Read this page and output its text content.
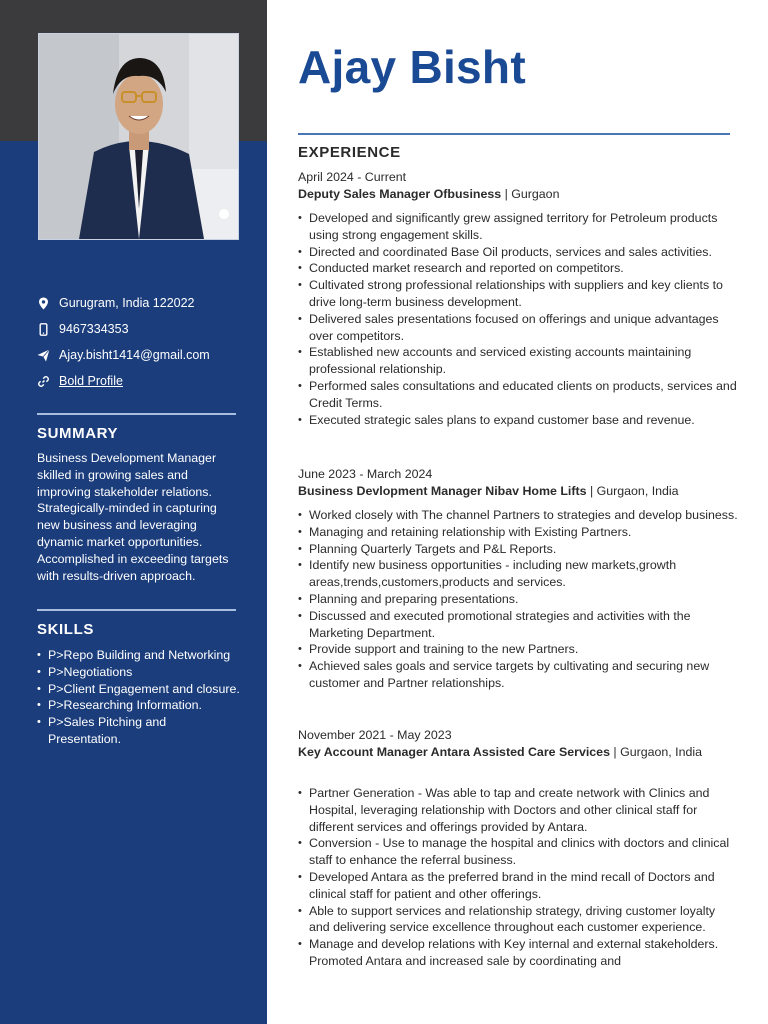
Gurugram, India 122022
9467334353
Ajay.bisht1414@gmail.com
Bold Profile
SUMMARY
Business Development Manager skilled in growing sales and improving stakeholder relations. Strategically-minded in capturing new business and leveraging dynamic market opportunities. Accomplished in exceeding targets with results-driven approach.
SKILLS
• P>Repo Building and Networking
• P>Negotiations
• P>Client Engagement and closure.
• P>Researching Information.
• P>Sales Pitching and Presentation.
Ajay Bisht
EXPERIENCE
April 2024 - Current
Deputy Sales Manager Ofbusiness | Gurgaon
• Developed and significantly grew assigned territory for Petroleum products using strong engagement skills.
• Directed and coordinated Base Oil products, services and sales activities.
• Conducted market research and reported on competitors.
• Cultivated strong professional relationships with suppliers and key clients to drive long-term business development.
• Delivered sales presentations focused on offerings and unique advantages over competitors.
• Established new accounts and serviced existing accounts maintaining professional relationship.
• Performed sales consultations and educated clients on products, services and Credit Terms.
• Executed strategic sales plans to expand customer base and revenue.
June 2023 - March 2024
Business Devlopment Manager Nibav Home Lifts | Gurgaon, India
• Worked closely with The channel Partners to strategies and develop business.
• Managing and retaining relationship with Existing Partners.
• Planning Quarterly Targets and P&L Reports.
• Identify new business opportunities - including new markets,growth areas,trends,customers,products and services.
• Planning and preparing presentations.
• Discussed and executed promotional strategies and activities with the Marketing Department.
• Provide support and training to the new Partners.
• Achieved sales goals and service targets by cultivating and securing new customer and Partner relationships.
November 2021 - May 2023
Key Account Manager Antara Assisted Care Services | Gurgaon, India
• Partner Generation - Was able to tap and create network with Clinics and Hospital, leveraging relationship with Doctors and other clinical staff for different services and offerings provided by Antara.
• Conversion - Use to manage the hospital and clinics with doctors and clinical staff to enhance the referral business.
• Developed Antara as the preferred brand in the mind recall of Doctors and clinical staff for patient and other offerings.
• Able to support services and relationship strategy, driving customer loyalty and delivering service excellence throughout each customer experience.
• Manage and develop relations with Key internal and external stakeholders. Promoted Antara and increased sale by coordinating and
